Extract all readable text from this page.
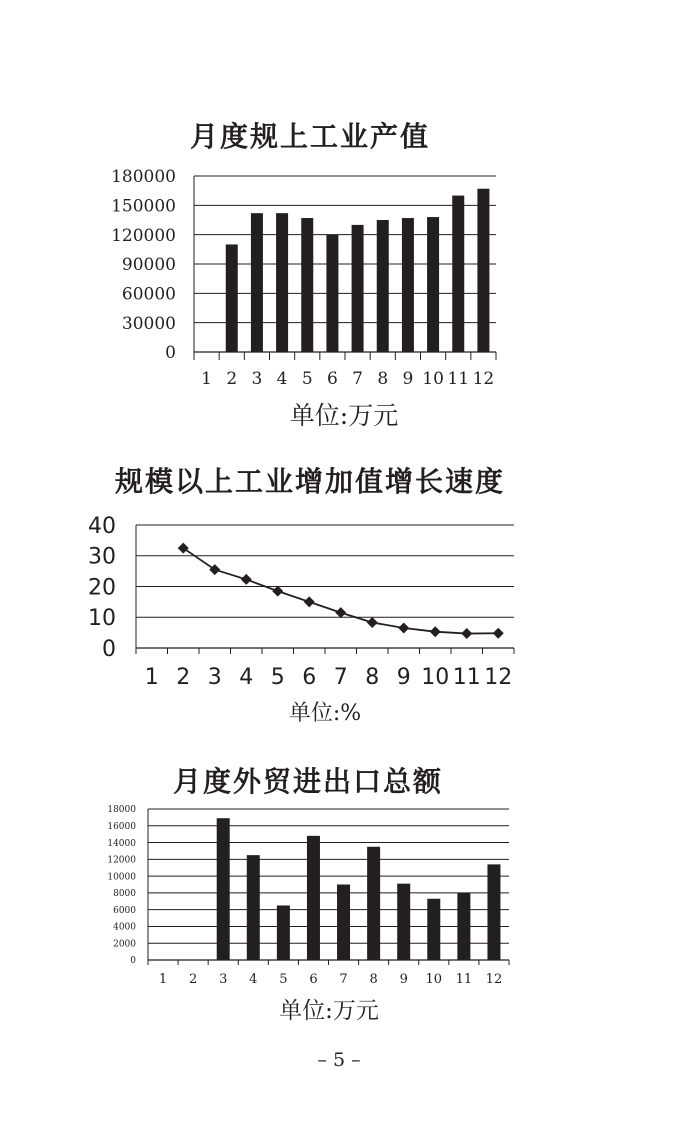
月度规上工业产值
0
30000
60000
90000
120000
150000
180000
1 2 3 4 5 6 7 8 9 10 11 12
单位:万元
规模以上工业增加值增长速度
0
10
20
30
40
1 2 3 4 5 6 7 8 9 10 11 12
单位:%
月度外贸进出口总额
0
2000
4000
6000
8000
10000
12000
14000
16000
18000
1 2 3 4 5 6 7 8 9 10 11 12
单位:万元
– 5 –
